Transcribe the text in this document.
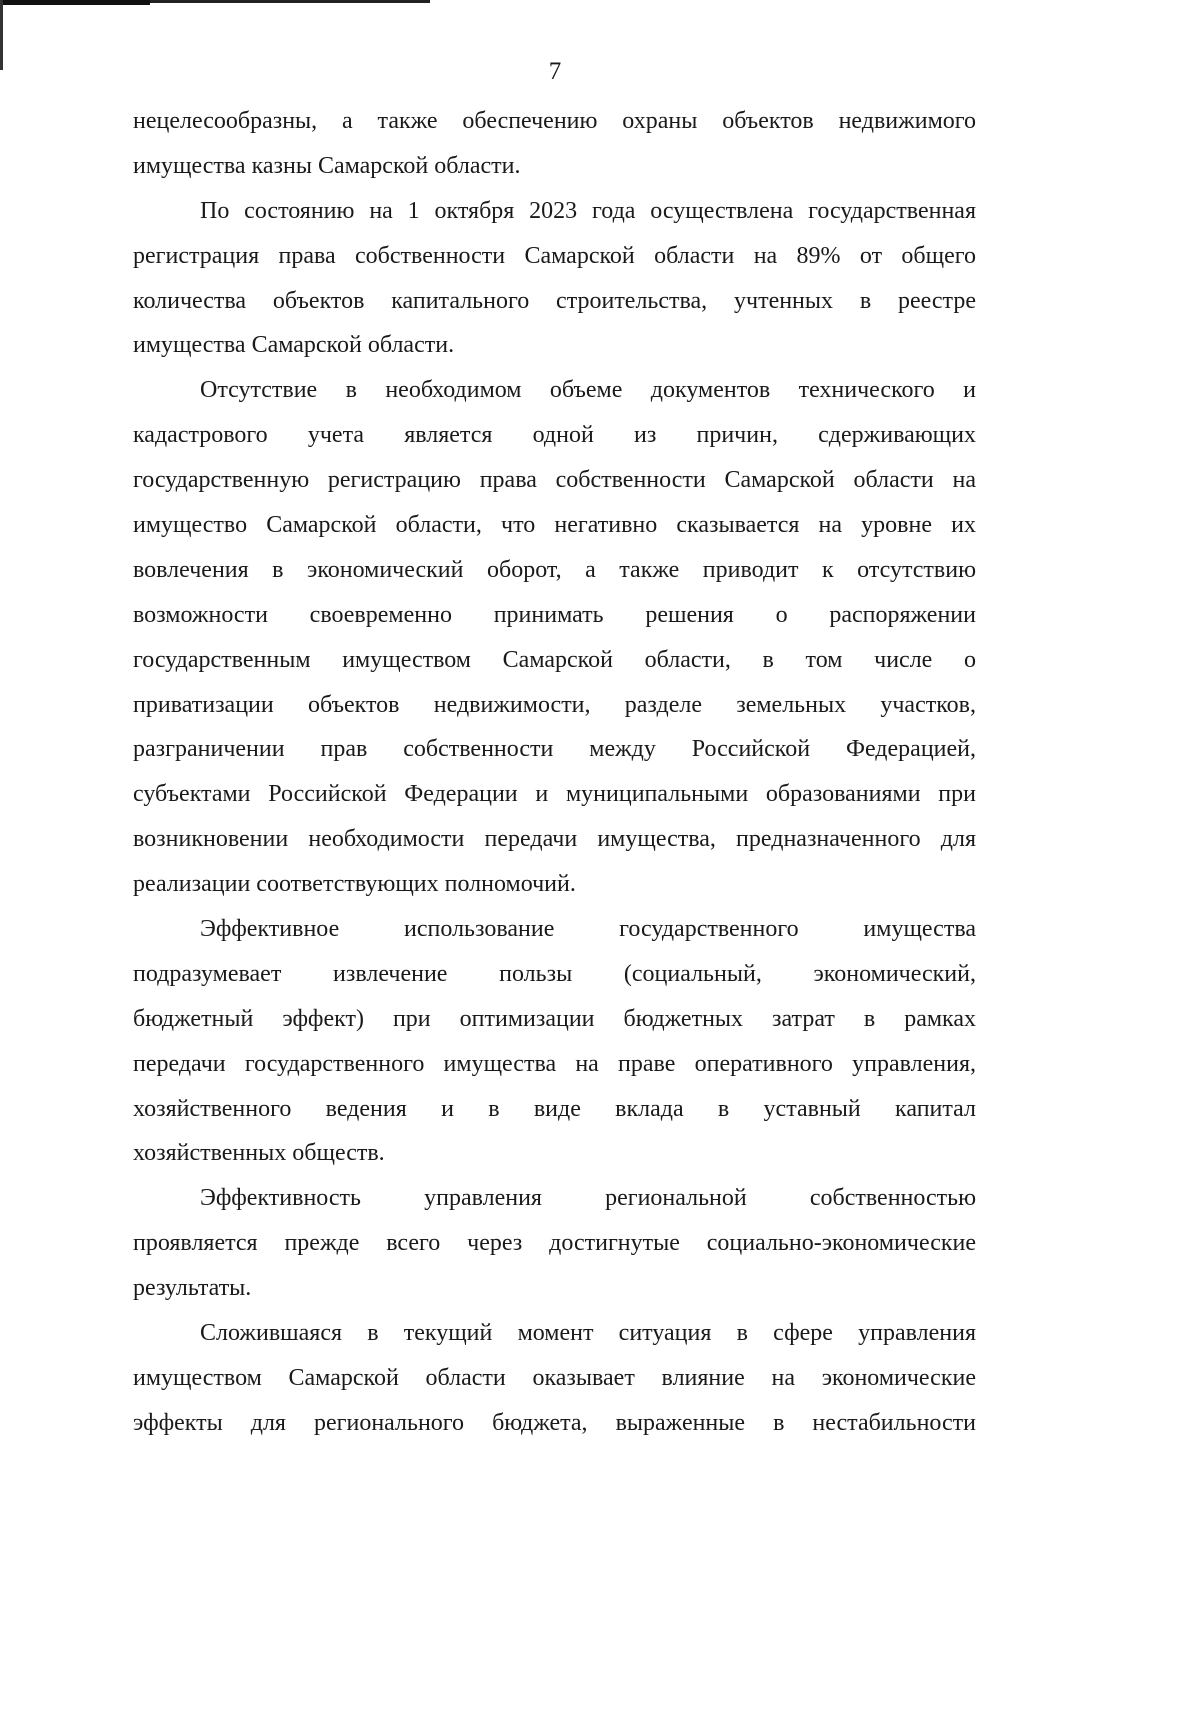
7
нецелесообразны, а также обеспечению охраны объектов недвижимого
имущества казны Самарской области.
По состоянию на 1 октября 2023 года осуществлена государственная
регистрация права собственности Самарской области на 89% от общего
количества объектов капитального строительства, учтенных в реестре
имущества Самарской области.
Отсутствие в необходимом объеме документов технического и
кадастрового учета является одной из причин, сдерживающих
государственную регистрацию права собственности Самарской области на
имущество Самарской области, что негативно сказывается на уровне их
вовлечения в экономический оборот, а также приводит к отсутствию
возможности своевременно принимать решения о распоряжении
государственным имуществом Самарской области, в том числе о
приватизации объектов недвижимости, разделе земельных участков,
разграничении прав собственности между Российской Федерацией,
субъектами Российской Федерации и муниципальными образованиями при
возникновении необходимости передачи имущества, предназначенного для
реализации соответствующих полномочий.
Эффективное использование государственного имущества
подразумевает извлечение пользы (социальный, экономический,
бюджетный эффект) при оптимизации бюджетных затрат в рамках
передачи государственного имущества на праве оперативного управления,
хозяйственного ведения и в виде вклада в уставный капитал
хозяйственных обществ.
Эффективность управления региональной собственностью
проявляется прежде всего через достигнутые социально-экономические
результаты.
Сложившаяся в текущий момент ситуация в сфере управления
имуществом Самарской области оказывает влияние на экономические
эффекты для регионального бюджета, выраженные в нестабильности
